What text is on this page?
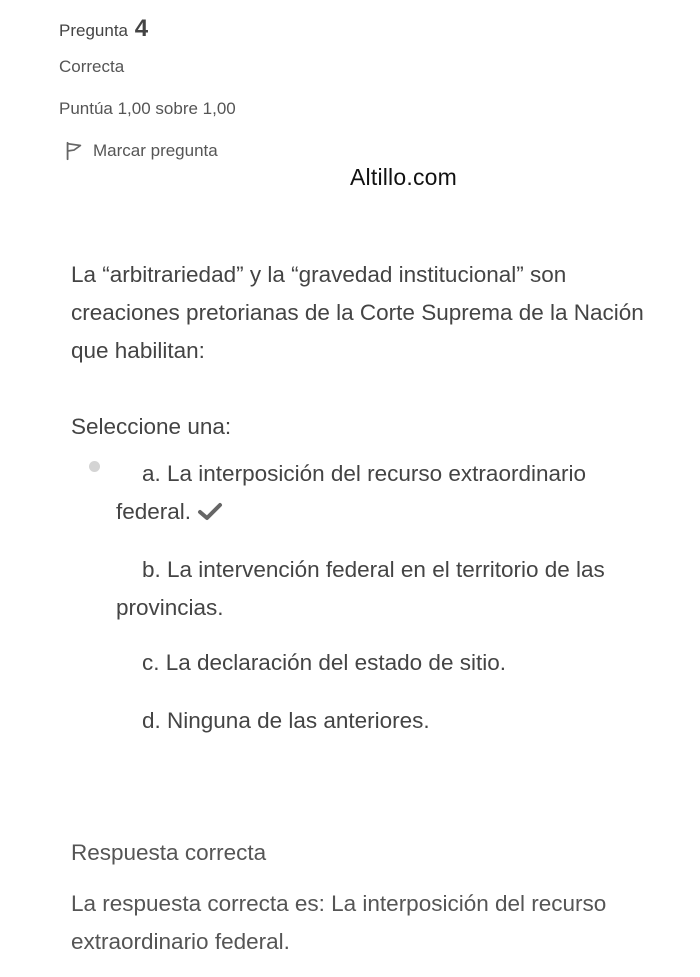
Pregunta 4
Correcta
Puntúa 1,00 sobre 1,00
Marcar pregunta
Altillo.com
La “arbitrariedad” y la “gravedad institucional” son creaciones pretorianas de la Corte Suprema de la Nación que habilitan:
Seleccione una:
a. La interposición del recurso extraordinario federal.
b. La intervención federal en el territorio de las provincias.
c. La declaración del estado de sitio.
d. Ninguna de las anteriores.
Respuesta correcta
La respuesta correcta es: La interposición del recurso extraordinario federal.
